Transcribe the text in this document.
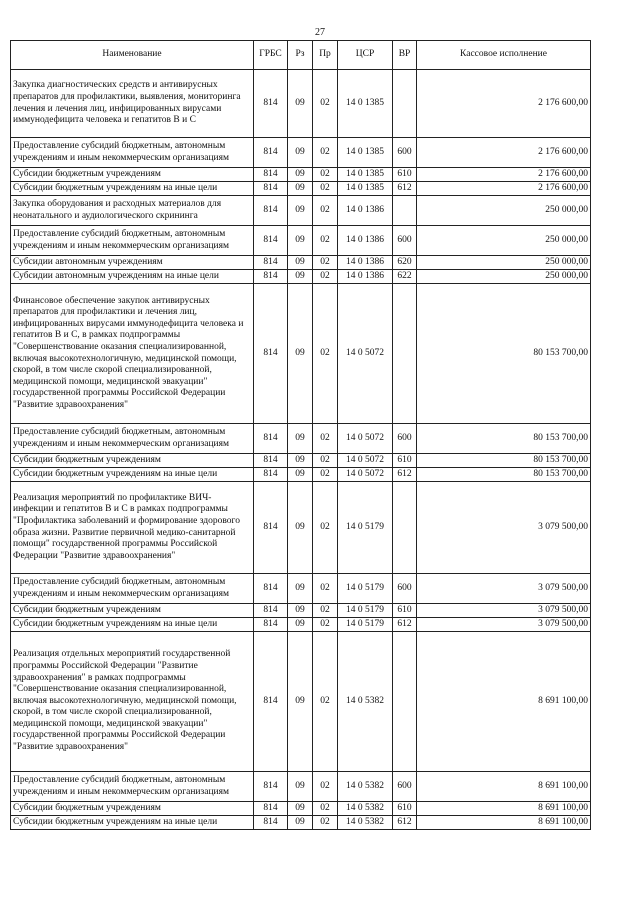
27
Наименование	ГРБС	Рз	Пр	ЦСР	ВР	Кассовое исполнение
Закупка диагностических средств и антивирусных препаратов для профилактики, выявления, мониторинга лечения и лечения лиц, инфицированных вирусами иммунодефицита человека и гепатитов В и С	814	09	02	14 0 1385		2 176 600,00
Предоставление субсидий бюджетным, автономным учреждениям и иным некоммерческим организациям	814	09	02	14 0 1385	600	2 176 600,00
Субсидии бюджетным учреждениям	814	09	02	14 0 1385	610	2 176 600,00
Субсидии бюджетным учреждениям на иные цели	814	09	02	14 0 1385	612	2 176 600,00
Закупка оборудования и расходных материалов для неонатального и аудиологического скрининга	814	09	02	14 0 1386		250 000,00
Предоставление субсидий бюджетным, автономным учреждениям и иным некоммерческим организациям	814	09	02	14 0 1386	600	250 000,00
Субсидии автономным учреждениям	814	09	02	14 0 1386	620	250 000,00
Субсидии автономным учреждениям на иные цели	814	09	02	14 0 1386	622	250 000,00
Финансовое обеспечение закупок антивирусных препаратов для профилактики и лечения лиц, инфицированных вирусами иммунодефицита человека и гепатитов В и С, в рамках подпрограммы "Совершенствование оказания специализированной, включая высокотехнологичную, медицинской помощи, скорой, в том числе скорой специализированной, медицинской помощи, медицинской эвакуации" государственной программы Российской Федерации "Развитие здравоохранения"	814	09	02	14 0 5072		80 153 700,00
Предоставление субсидий бюджетным, автономным учреждениям и иным некоммерческим организациям	814	09	02	14 0 5072	600	80 153 700,00
Субсидии бюджетным учреждениям	814	09	02	14 0 5072	610	80 153 700,00
Субсидии бюджетным учреждениям на иные цели	814	09	02	14 0 5072	612	80 153 700,00
Реализация мероприятий по профилактике ВИЧ-инфекции и гепатитов В и С в рамках подпрограммы "Профилактика заболеваний и формирование здорового образа жизни. Развитие первичной медико-санитарной помощи" государственной программы Российской Федерации "Развитие здравоохранения"	814	09	02	14 0 5179		3 079 500,00
Предоставление субсидий бюджетным, автономным учреждениям и иным некоммерческим организациям	814	09	02	14 0 5179	600	3 079 500,00
Субсидии бюджетным учреждениям	814	09	02	14 0 5179	610	3 079 500,00
Субсидии бюджетным учреждениям на иные цели	814	09	02	14 0 5179	612	3 079 500,00
Реализация отдельных мероприятий государственной программы Российской Федерации "Развитие здравоохранения" в рамках подпрограммы "Совершенствование оказания специализированной, включая высокотехнологичную, медицинской помощи, скорой, в том числе скорой специализированной, медицинской помощи, медицинской эвакуации" государственной программы Российской Федерации "Развитие здравоохранения"	814	09	02	14 0 5382		8 691 100,00
Предоставление субсидий бюджетным, автономным учреждениям и иным некоммерческим организациям	814	09	02	14 0 5382	600	8 691 100,00
Субсидии бюджетным учреждениям	814	09	02	14 0 5382	610	8 691 100,00
Субсидии бюджетным учреждениям на иные цели	814	09	02	14 0 5382	612	8 691 100,00
